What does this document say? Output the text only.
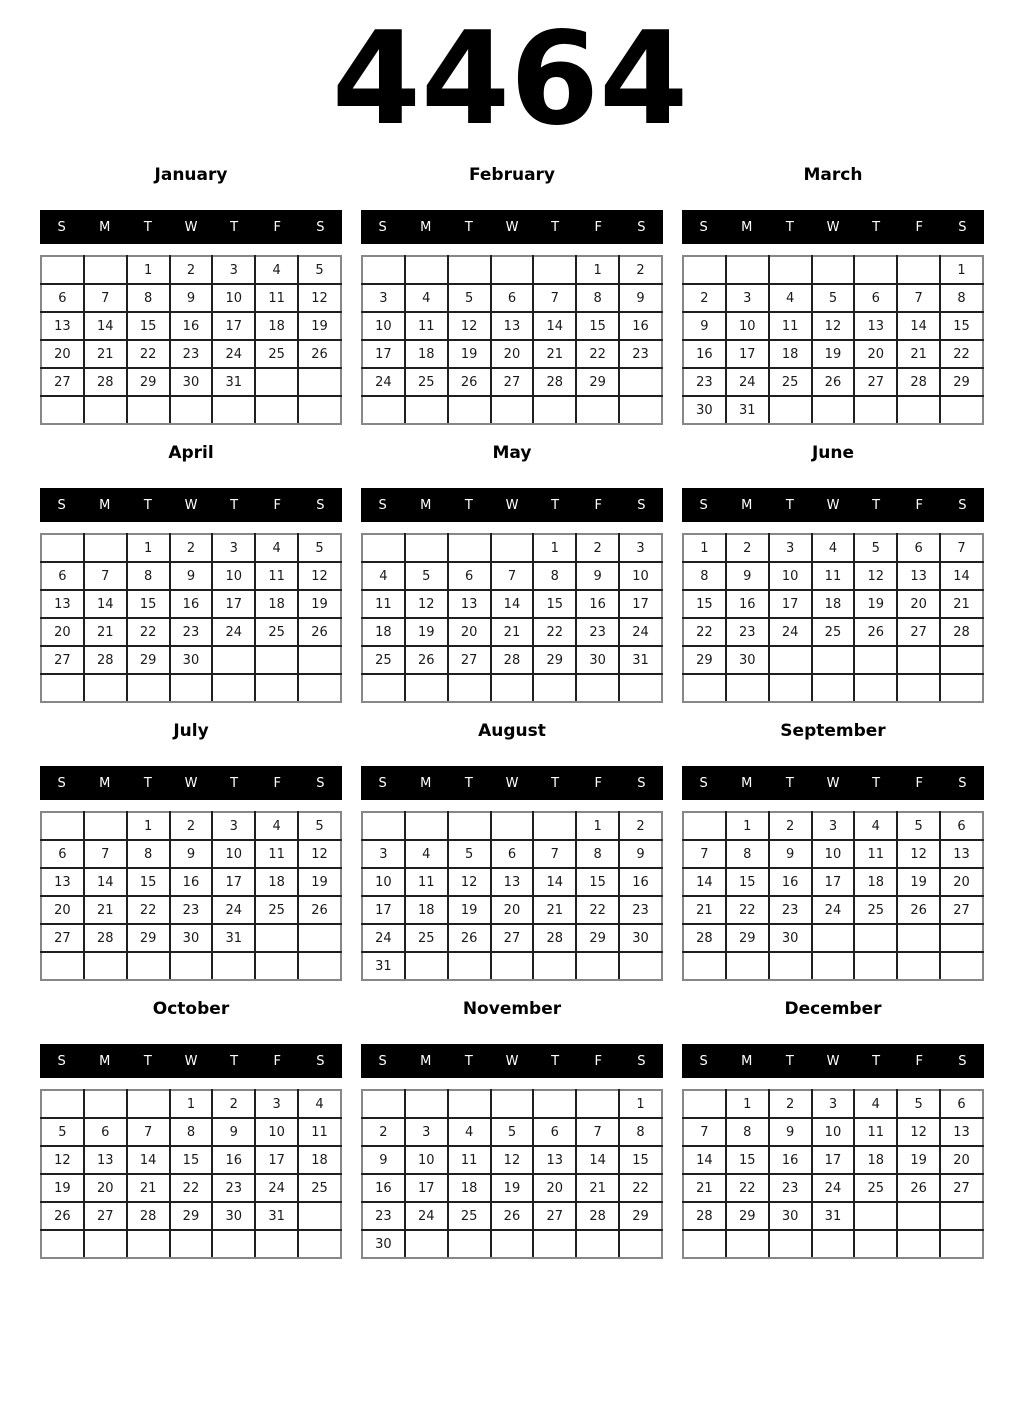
4464
January
S	M	T	W	T	F	S
		1	2	3	4	5
6	7	8	9	10	11	12
13	14	15	16	17	18	19
20	21	22	23	24	25	26
27	28	29	30	31		

February
S	M	T	W	T	F	S
					1	2
3	4	5	6	7	8	9
10	11	12	13	14	15	16
17	18	19	20	21	22	23
24	25	26	27	28	29	

March
S	M	T	W	T	F	S
						1
2	3	4	5	6	7	8
9	10	11	12	13	14	15
16	17	18	19	20	21	22
23	24	25	26	27	28	29
30	31					
April
S	M	T	W	T	F	S
		1	2	3	4	5
6	7	8	9	10	11	12
13	14	15	16	17	18	19
20	21	22	23	24	25	26
27	28	29	30			

May
S	M	T	W	T	F	S
				1	2	3
4	5	6	7	8	9	10
11	12	13	14	15	16	17
18	19	20	21	22	23	24
25	26	27	28	29	30	31

June
S	M	T	W	T	F	S
1	2	3	4	5	6	7
8	9	10	11	12	13	14
15	16	17	18	19	20	21
22	23	24	25	26	27	28
29	30					

July
S	M	T	W	T	F	S
		1	2	3	4	5
6	7	8	9	10	11	12
13	14	15	16	17	18	19
20	21	22	23	24	25	26
27	28	29	30	31		

August
S	M	T	W	T	F	S
					1	2
3	4	5	6	7	8	9
10	11	12	13	14	15	16
17	18	19	20	21	22	23
24	25	26	27	28	29	30
31						
September
S	M	T	W	T	F	S
	1	2	3	4	5	6
7	8	9	10	11	12	13
14	15	16	17	18	19	20
21	22	23	24	25	26	27
28	29	30				

October
S	M	T	W	T	F	S
			1	2	3	4
5	6	7	8	9	10	11
12	13	14	15	16	17	18
19	20	21	22	23	24	25
26	27	28	29	30	31	

November
S	M	T	W	T	F	S
						1
2	3	4	5	6	7	8
9	10	11	12	13	14	15
16	17	18	19	20	21	22
23	24	25	26	27	28	29
30						
December
S	M	T	W	T	F	S
	1	2	3	4	5	6
7	8	9	10	11	12	13
14	15	16	17	18	19	20
21	22	23	24	25	26	27
28	29	30	31			
